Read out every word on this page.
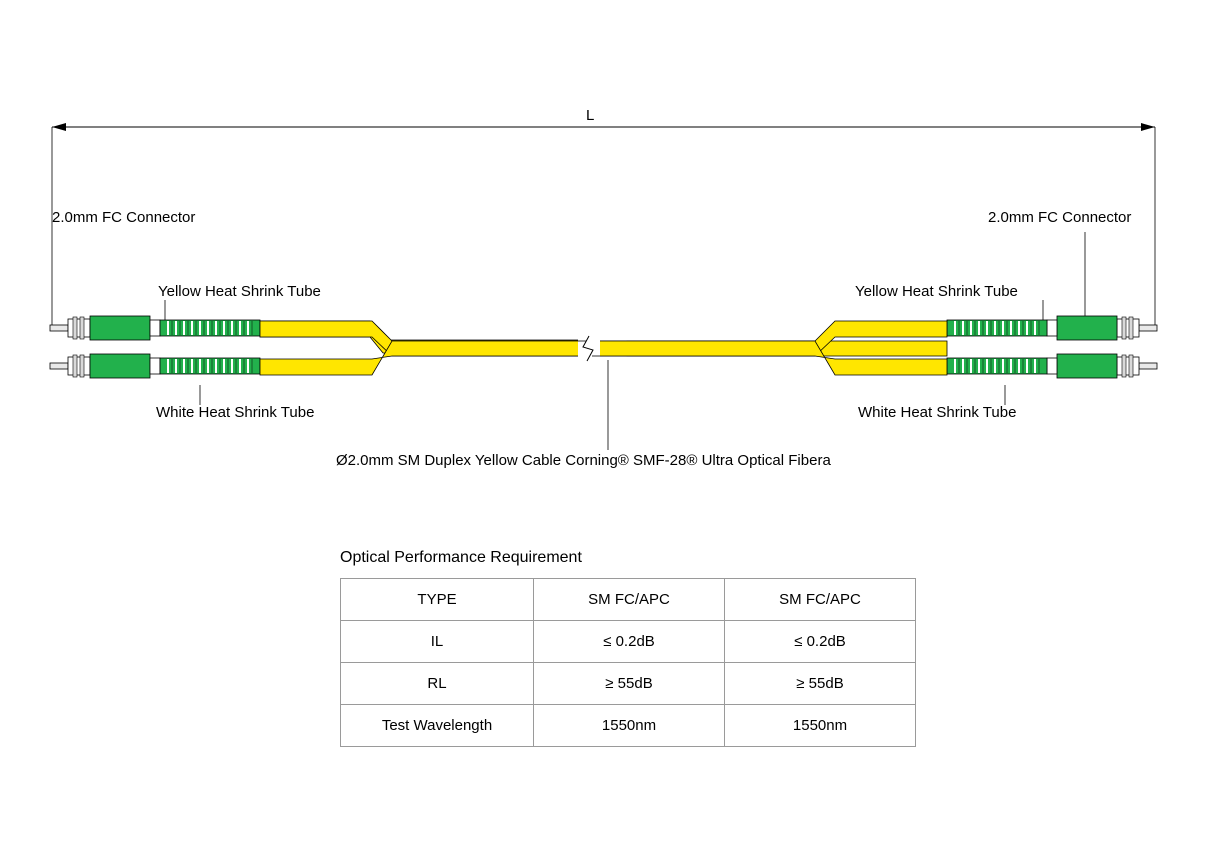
L
2.0mm FC Connector	2.0mm FC Connector
Yellow Heat Shrink Tube	Yellow Heat Shrink Tube
White Heat Shrink Tube	White Heat Shrink Tube
Ø2.0mm SM Duplex Yellow Cable Corning® SMF-28® Ultra Optical Fibera
Optical Performance Requirement
TYPE	SM FC/APC	SM FC/APC
IL	≤ 0.2dB	≤ 0.2dB
RL	≥ 55dB	≥ 55dB
Test Wavelength	1550nm	1550nm
